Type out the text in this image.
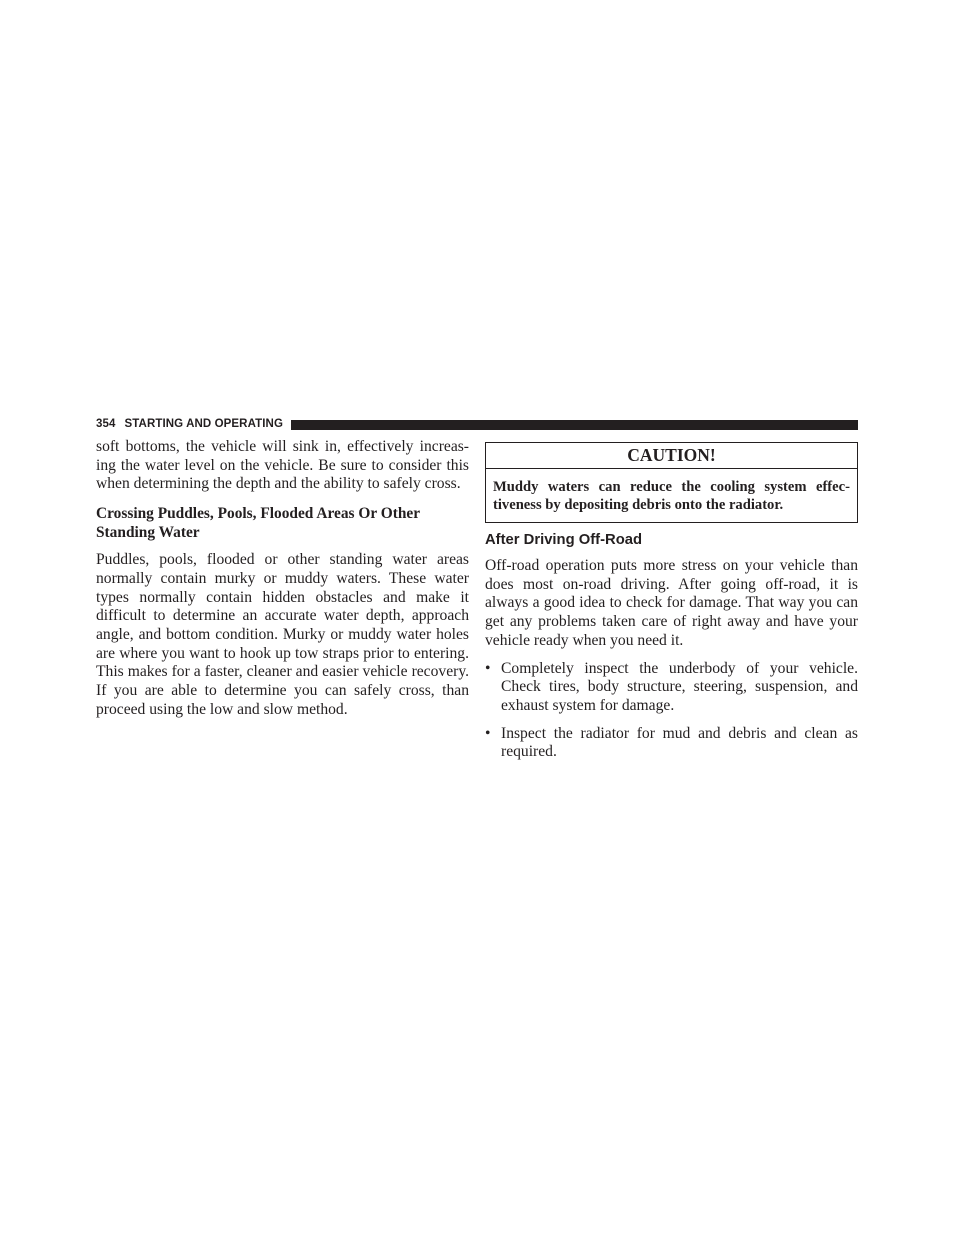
354 STARTING AND OPERATING

soft bottoms, the vehicle will sink in, effectively increas-ing the water level on the vehicle. Be sure to consider this when determining the depth and the ability to safely cross.

Crossing Puddles, Pools, Flooded Areas Or Other Standing Water

Puddles, pools, flooded or other standing water areas normally contain murky or muddy waters. These water types normally contain hidden obstacles and make it difficult to determine an accurate water depth, approach angle, and bottom condition. Murky or muddy water holes are where you want to hook up tow straps prior to entering. This makes for a faster, cleaner and easier vehicle recovery. If you are able to determine you can safely cross, than proceed using the low and slow method.

CAUTION!
Muddy waters can reduce the cooling system effec-tiveness by depositing debris onto the radiator.
After Driving Off-Road

Off-road operation puts more stress on your vehicle than does most on-road driving. After going off-road, it is always a good idea to check for damage. That way you can get any problems taken care of right away and have your vehicle ready when you need it.

• Completely inspect the underbody of your vehicle. Check tires, body structure, steering, suspension, and exhaust system for damage.
• Inspect the radiator for mud and debris and clean as required.
